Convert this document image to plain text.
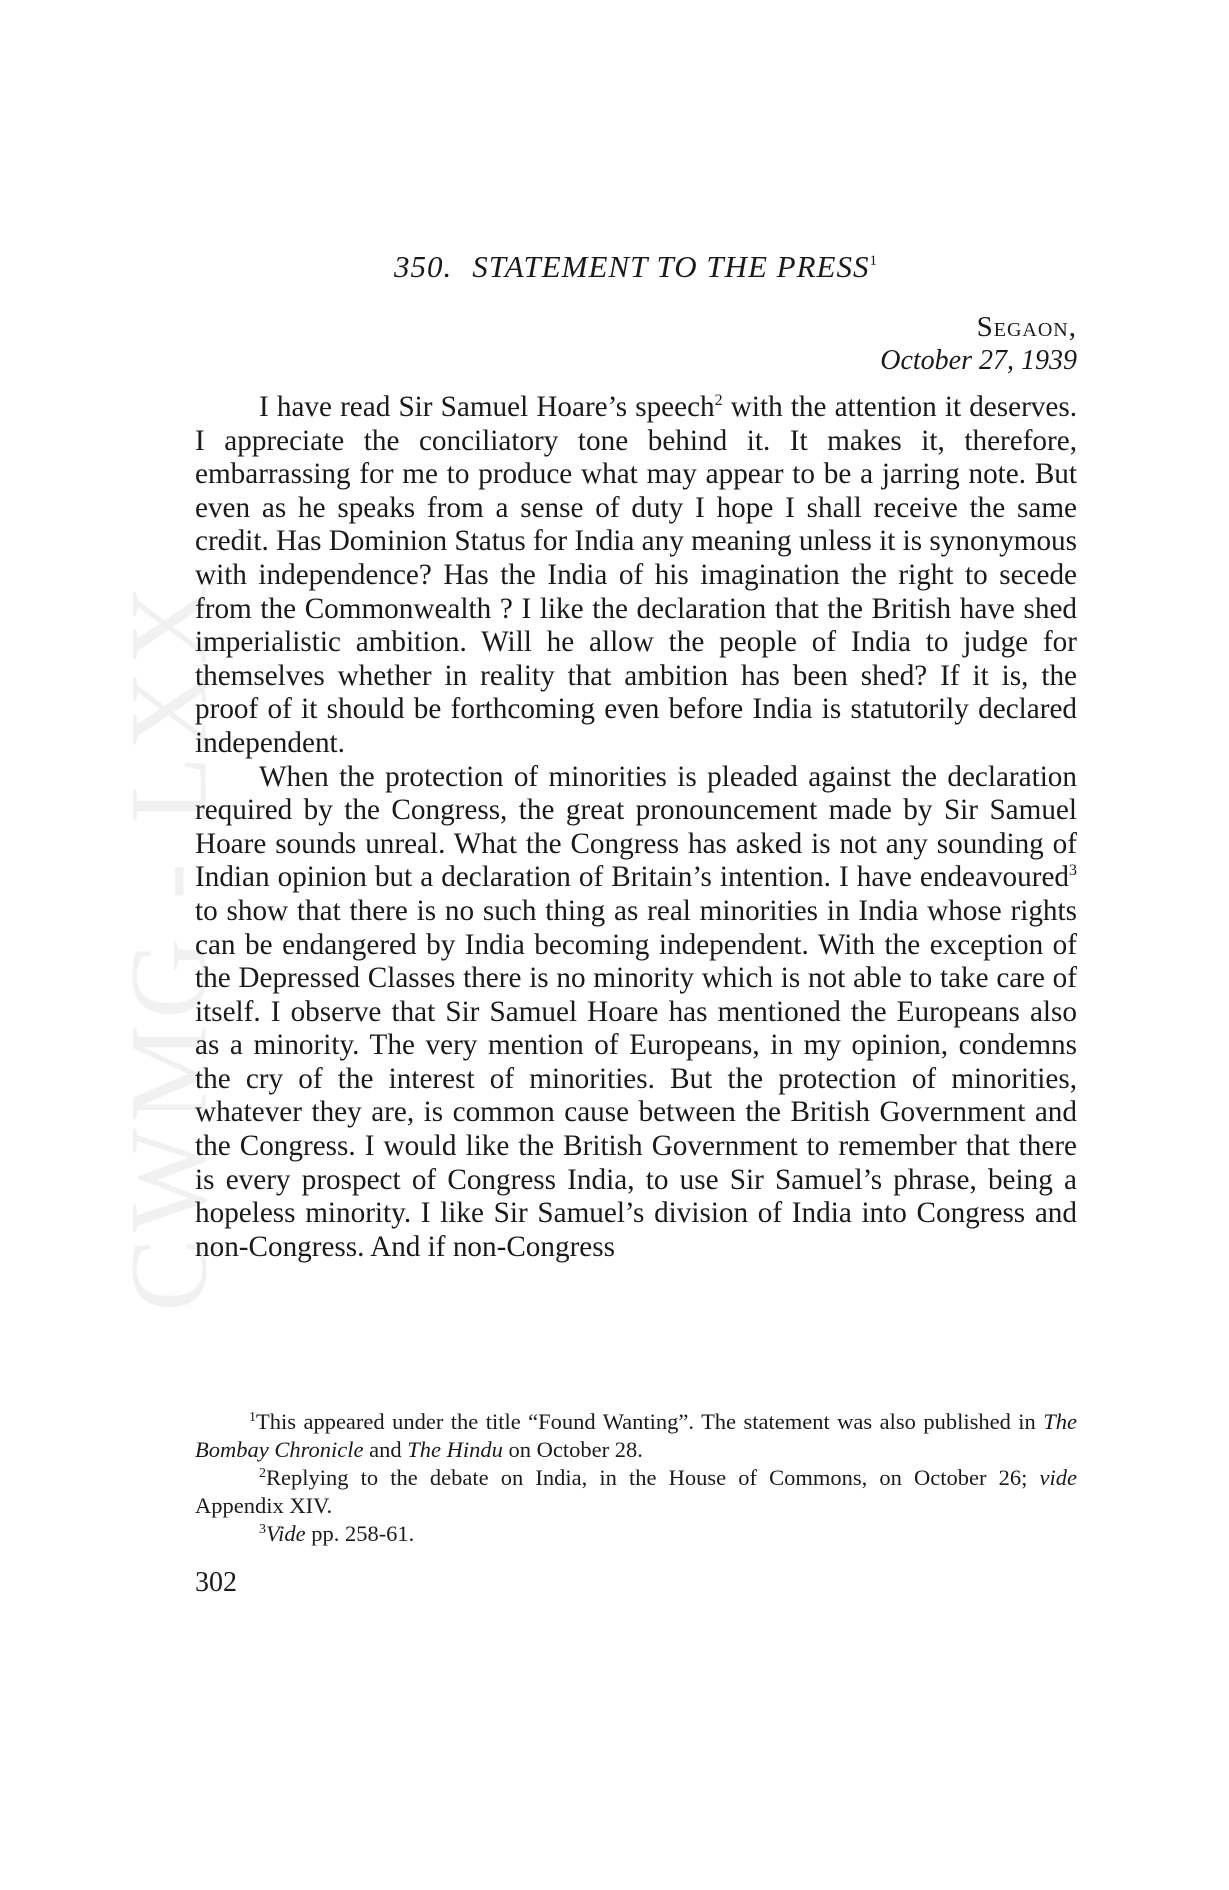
CWMG - LXX
350. STATEMENT TO THE PRESS$^1$
Segaon,
October 27, 1939

I have read Sir Samuel Hoare’s speech$^2$ with the attention it deserves. I appreciate the conciliatory tone behind it. It makes it, therefore, embarrassing for me to produce what may appear to be a jarring note. But even as he speaks from a sense of duty I hope I shall receive the same credit. Has Dominion Status for India any meaning unless it is synonymous with independence? Has the India of his imagination the right to secede from the Commonwealth ? I like the declaration that the British have shed imperialistic ambition. Will he allow the people of India to judge for themselves whether in reality that ambition has been shed? If it is, the proof of it should be forthcoming even before India is statutorily declared independent.

When the protection of minorities is pleaded against the declaration required by the Congress, the great pronouncement made by Sir Samuel Hoare sounds unreal. What the Congress has asked is not any sounding of Indian opinion but a declaration of Britain’s intention. I have endeavoured$^3$ to show that there is no such thing as real minorities in India whose rights can be endangered by India becoming independent. With the exception of the Depressed Classes there is no minority which is not able to take care of itself. I observe that Sir Samuel Hoare has mentioned the Europeans also as a minority. The very mention of Europeans, in my opinion, condemns the cry of the interest of minorities. But the protection of minorities, whatever they are, is common cause between the British Government and the Congress. I would like the British Government to remember that there is every prospect of Congress India, to use Sir Samuel’s phrase, being a hopeless minority. I like Sir Samuel’s division of India into Congress and non-Congress. And if non-Congress

$^1$This appeared under the title “Found Wanting”. The statement was also published in The Bombay Chronicle and The Hindu on October 28.

$^2$Replying to the debate on India, in the House of Commons, on October 26; vide Appendix XIV.

$^3$Vide pp. 258-61.

302
